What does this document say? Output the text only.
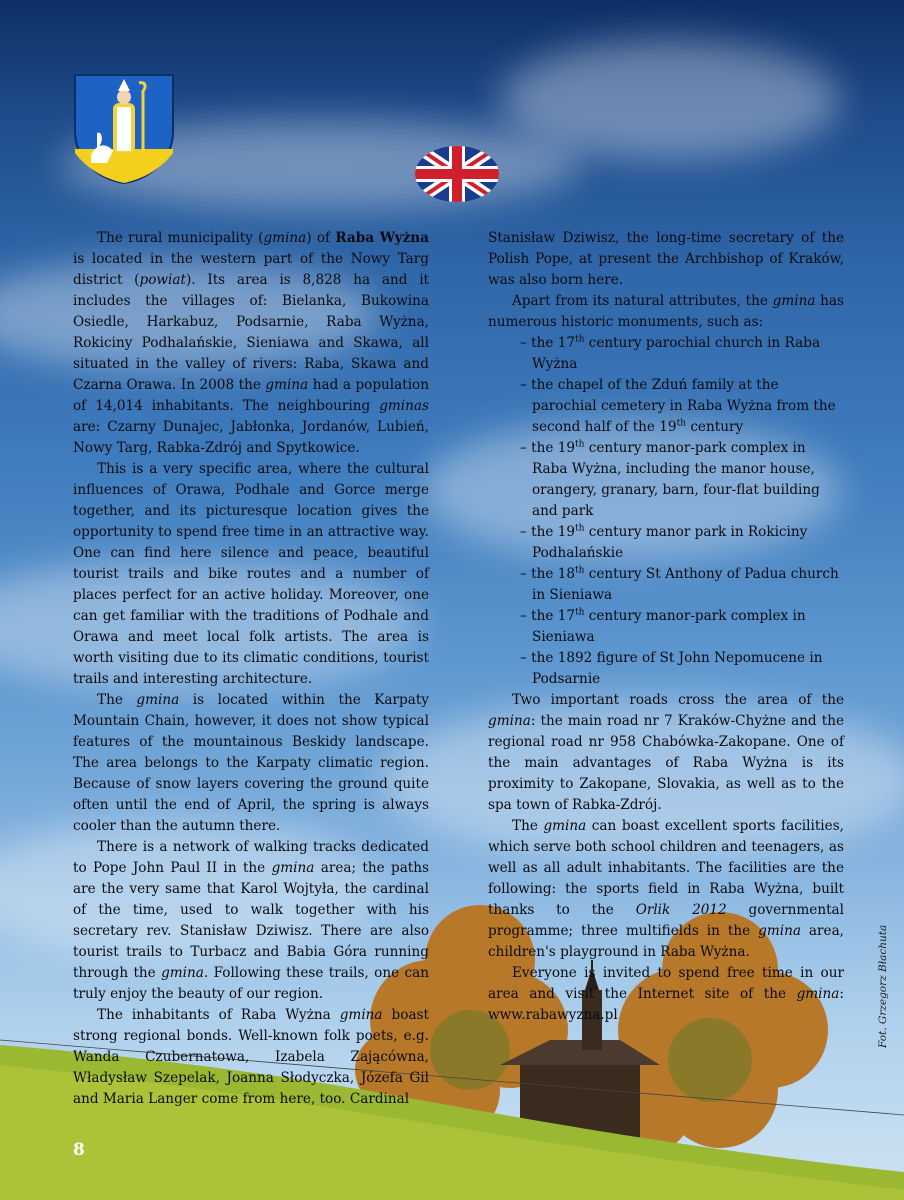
The rural municipality (gmina) of Raba Wyżna is located in the western part of the Nowy Targ district (powiat). Its area is 8,828 ha and it includes the villages of: Bielanka, Bukowina Osiedle, Harkabuz, Podsarnie, Raba Wyżna, Rokiciny Podhalańskie, Sieniawa and Skawa, all situated in the valley of rivers: Raba, Skawa and Czarna Orawa. In 2008 the gmina had a population of 14,014 inhabitants. The neighbouring gminas are: Czarny Dunajec, Jabłonka, Jordanów, Lubień, Nowy Targ, Rabka-Zdrój and Spytkowice.

This is a very specific area, where the cultural influences of Orawa, Podhale and Gorce merge together, and its picturesque location gives the opportunity to spend free time in an attractive way. One can find here silence and peace, beautiful tourist trails and bike routes and a number of places perfect for an active holiday. Moreover, one can get familiar with the traditions of Podhale and Orawa and meet local folk artists. The area is worth visiting due to its climatic conditions, tourist trails and interesting architecture.

The gmina is located within the Karpaty Mountain Chain, however, it does not show typical features of the mountainous Beskidy landscape. The area belongs to the Karpaty climatic region. Because of snow layers covering the ground quite often until the end of April, the spring is always cooler than the autumn there.

There is a network of walking tracks dedicated to Pope John Paul II in the gmina area; the paths are the very same that Karol Wojtyła, the cardinal of the time, used to walk together with his secretary rev. Stanisław Dziwisz. There are also tourist trails to Turbacz and Babia Góra running through the gmina. Following these trails, one can truly enjoy the beauty of our region.

The inhabitants of Raba Wyżna gmina boast strong regional bonds. Well-known folk poets, e.g. Wanda Czubernatowa, Izabela Zającówna, Władysław Szepelak, Joanna Słodyczka, Józefa Gil and Maria Langer come from here, too. Cardinal

Stanisław Dziwisz, the long-time secretary of the Polish Pope, at present the Archbishop of Kraków, was also born here.

Apart from its natural attributes, the gmina has numerous historic monuments, such as:

– the 17th century parochial church in Raba Wyżna
– the chapel of the Zduń family at the parochial cemetery in Raba Wyżna from the second half of the 19th century
– the 19th century manor-park complex in Raba Wyżna, including the manor house, orangery, granary, barn, four-flat building and park
– the 19th century manor park in Rokiciny Podhalańskie
– the 18th century St Anthony of Padua church in Sieniawa
– the 17th century manor-park complex in Sieniawa
– the 1892 figure of St John Nepomucene in Podsarnie

Two important roads cross the area of the gmina: the main road nr 7 Kraków-Chyżne and the regional road nr 958 Chabówka-Zakopane. One of the main advantages of Raba Wyżna is its proximity to Zakopane, Slovakia, as well as to the spa town of Rabka-Zdrój.

The gmina can boast excellent sports facilities, which serve both school children and teenagers, as well as all adult inhabitants. The facilities are the following: the sports field in Raba Wyżna, built thanks to the Orlik 2012 governmental programme; three multifields in the gmina area, children's playground in Raba Wyżna.

Everyone is invited to spend free time in our area and visit the Internet site of the gmina: www.rabawyzna.pl	Fot. Grzegorz Błachuta
8
